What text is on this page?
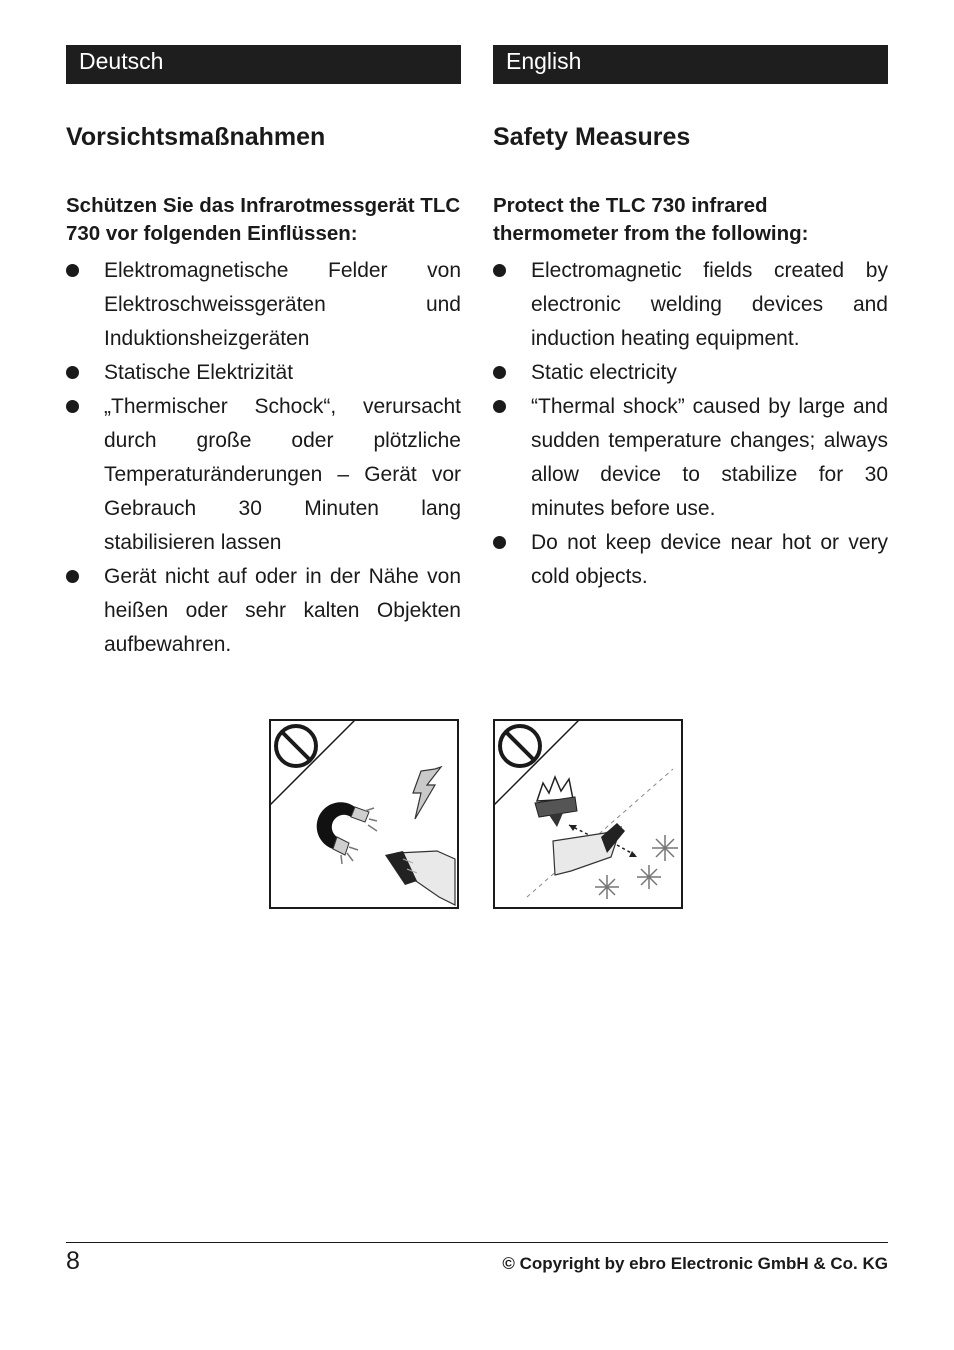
Deutsch
Vorsichtsmaßnahmen

Schützen Sie das Infrarotmessgerät TLC 730 vor folgenden Einflüssen:

Elektromagnetische Felder von Elektroschweissgeräten und Induktionsheizgeräten
Statische Elektrizität
„Thermischer Schock“, verursacht durch große oder plötzliche Temperaturänderungen – Gerät vor Gebrauch 30 Minuten lang stabilisieren lassen
Gerät nicht auf oder in der Nähe von heißen oder sehr kalten Objekten aufbewahren.
English
Safety Measures

Protect the TLC 730 infrared thermometer from the following:

Electromagnetic fields created by electronic welding devices and induction heating equipment.
Static electricity
“Thermal shock” caused by large and sudden temperature changes; always allow device to stabilize for 30 minutes before use.
Do not keep device near hot or very cold objects.
8	© Copyright by ebro Electronic GmbH & Co. KG
